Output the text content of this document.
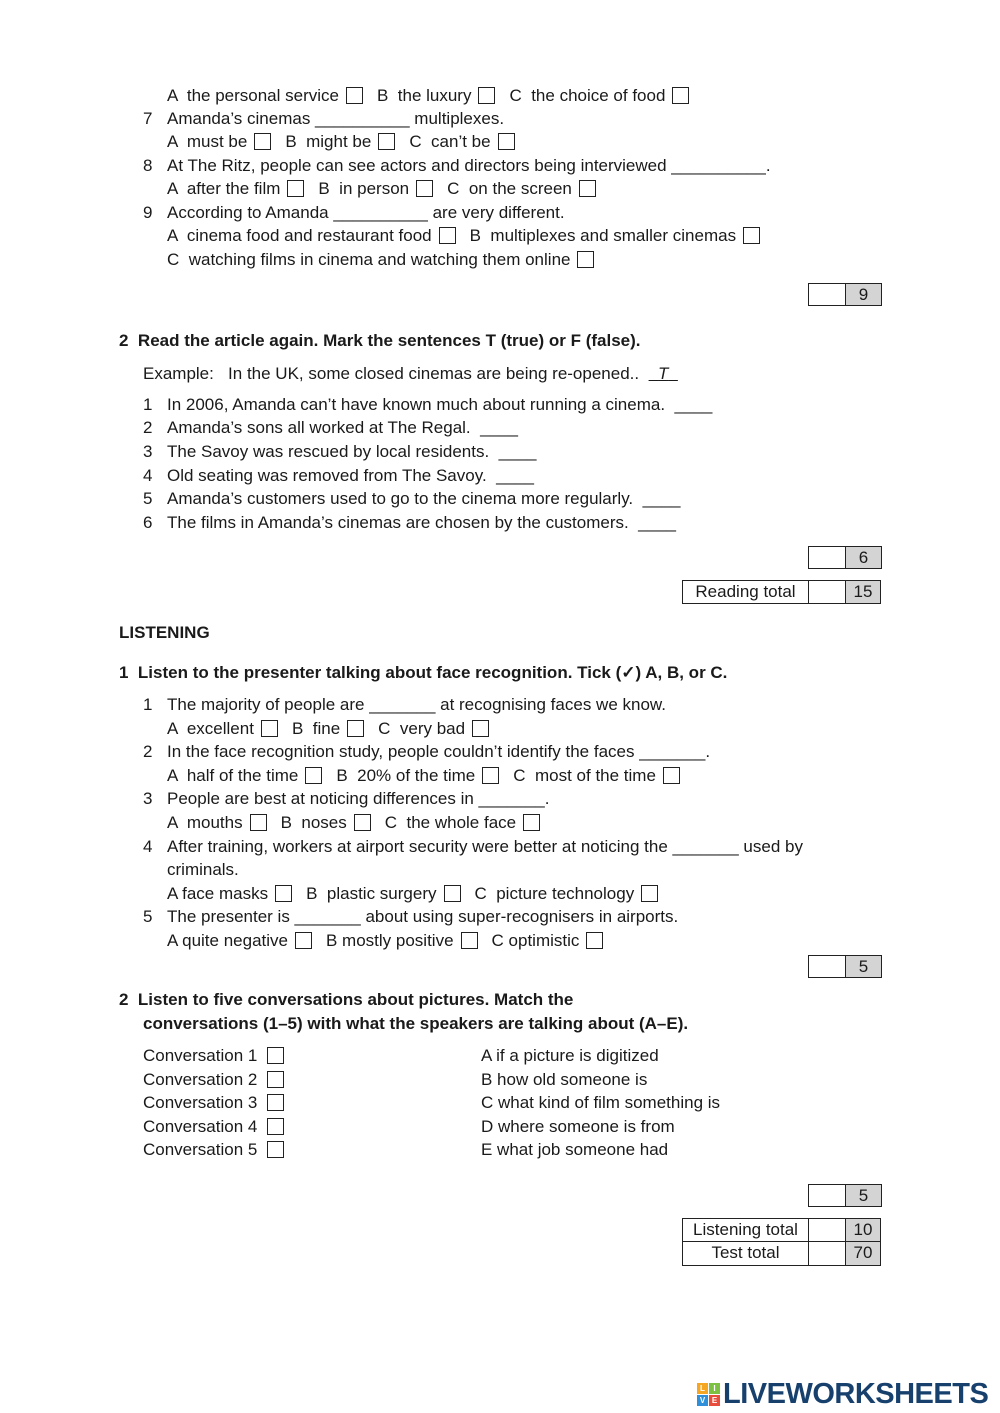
A  the personal service B  the luxury C  the choice of food
7 Amanda’s cinemas __________ multiplexes.
A  must be B  might be C  can’t be
8 At The Ritz, people can see actors and directors being interviewed __________.
A  after the film B  in person C  on the screen
9 According to Amanda __________ are very different.
A  cinema food and restaurant food B  multiplexes and smaller cinemas
C  watching films in cinema and watching them online
1 In 2006, Amanda can’t have known much about running a cinema.  ____
2 Amanda’s sons all worked at The Regal.  ____
3 The Savoy was rescued by local residents.  ____
4 Old seating was removed from The Savoy.  ____
5 Amanda’s customers used to go to the cinema more regularly.  ____
6 The films in Amanda’s cinemas are chosen by the customers.  ____
1 The majority of people are _______ at recognising faces we know.
A  excellent B  fine C  very bad
2 In the face recognition study, people couldn’t identify the faces _______.
A  half of the time B  20% of the time C  most of the time
3 People are best at noticing differences in _______.
A  mouths B  noses C  the whole face
4 After training, workers at airport security were better at noticing the _______ used by
criminals.
A face masks B  plastic surgery C  picture technology
5 The presenter is _______ about using super-recognisers in airports.
A quite negative B mostly positive C optimistic
Conversation 1	A if a picture is digitized
Conversation 2	B how old someone is
Conversation 3	C what kind of film something is
Conversation 4	D where someone is from
Conversation 5	E what job someone had
2 Read the article again. Mark the sentences T (true) or F (false).
Example: In the UK, some closed cinemas are being re-opened.. T
LISTENING
1 Listen to the presenter talking about face recognition. Tick (✓) A, B, or C.
2 Listen to five conversations about pictures. Match the
conversations (1–5) with what the speakers are talking about (A–E).
9
6
Reading total	15
5
5
Listening total	10
Test total	70
L	I
V E LIVEWORKSHEETS
